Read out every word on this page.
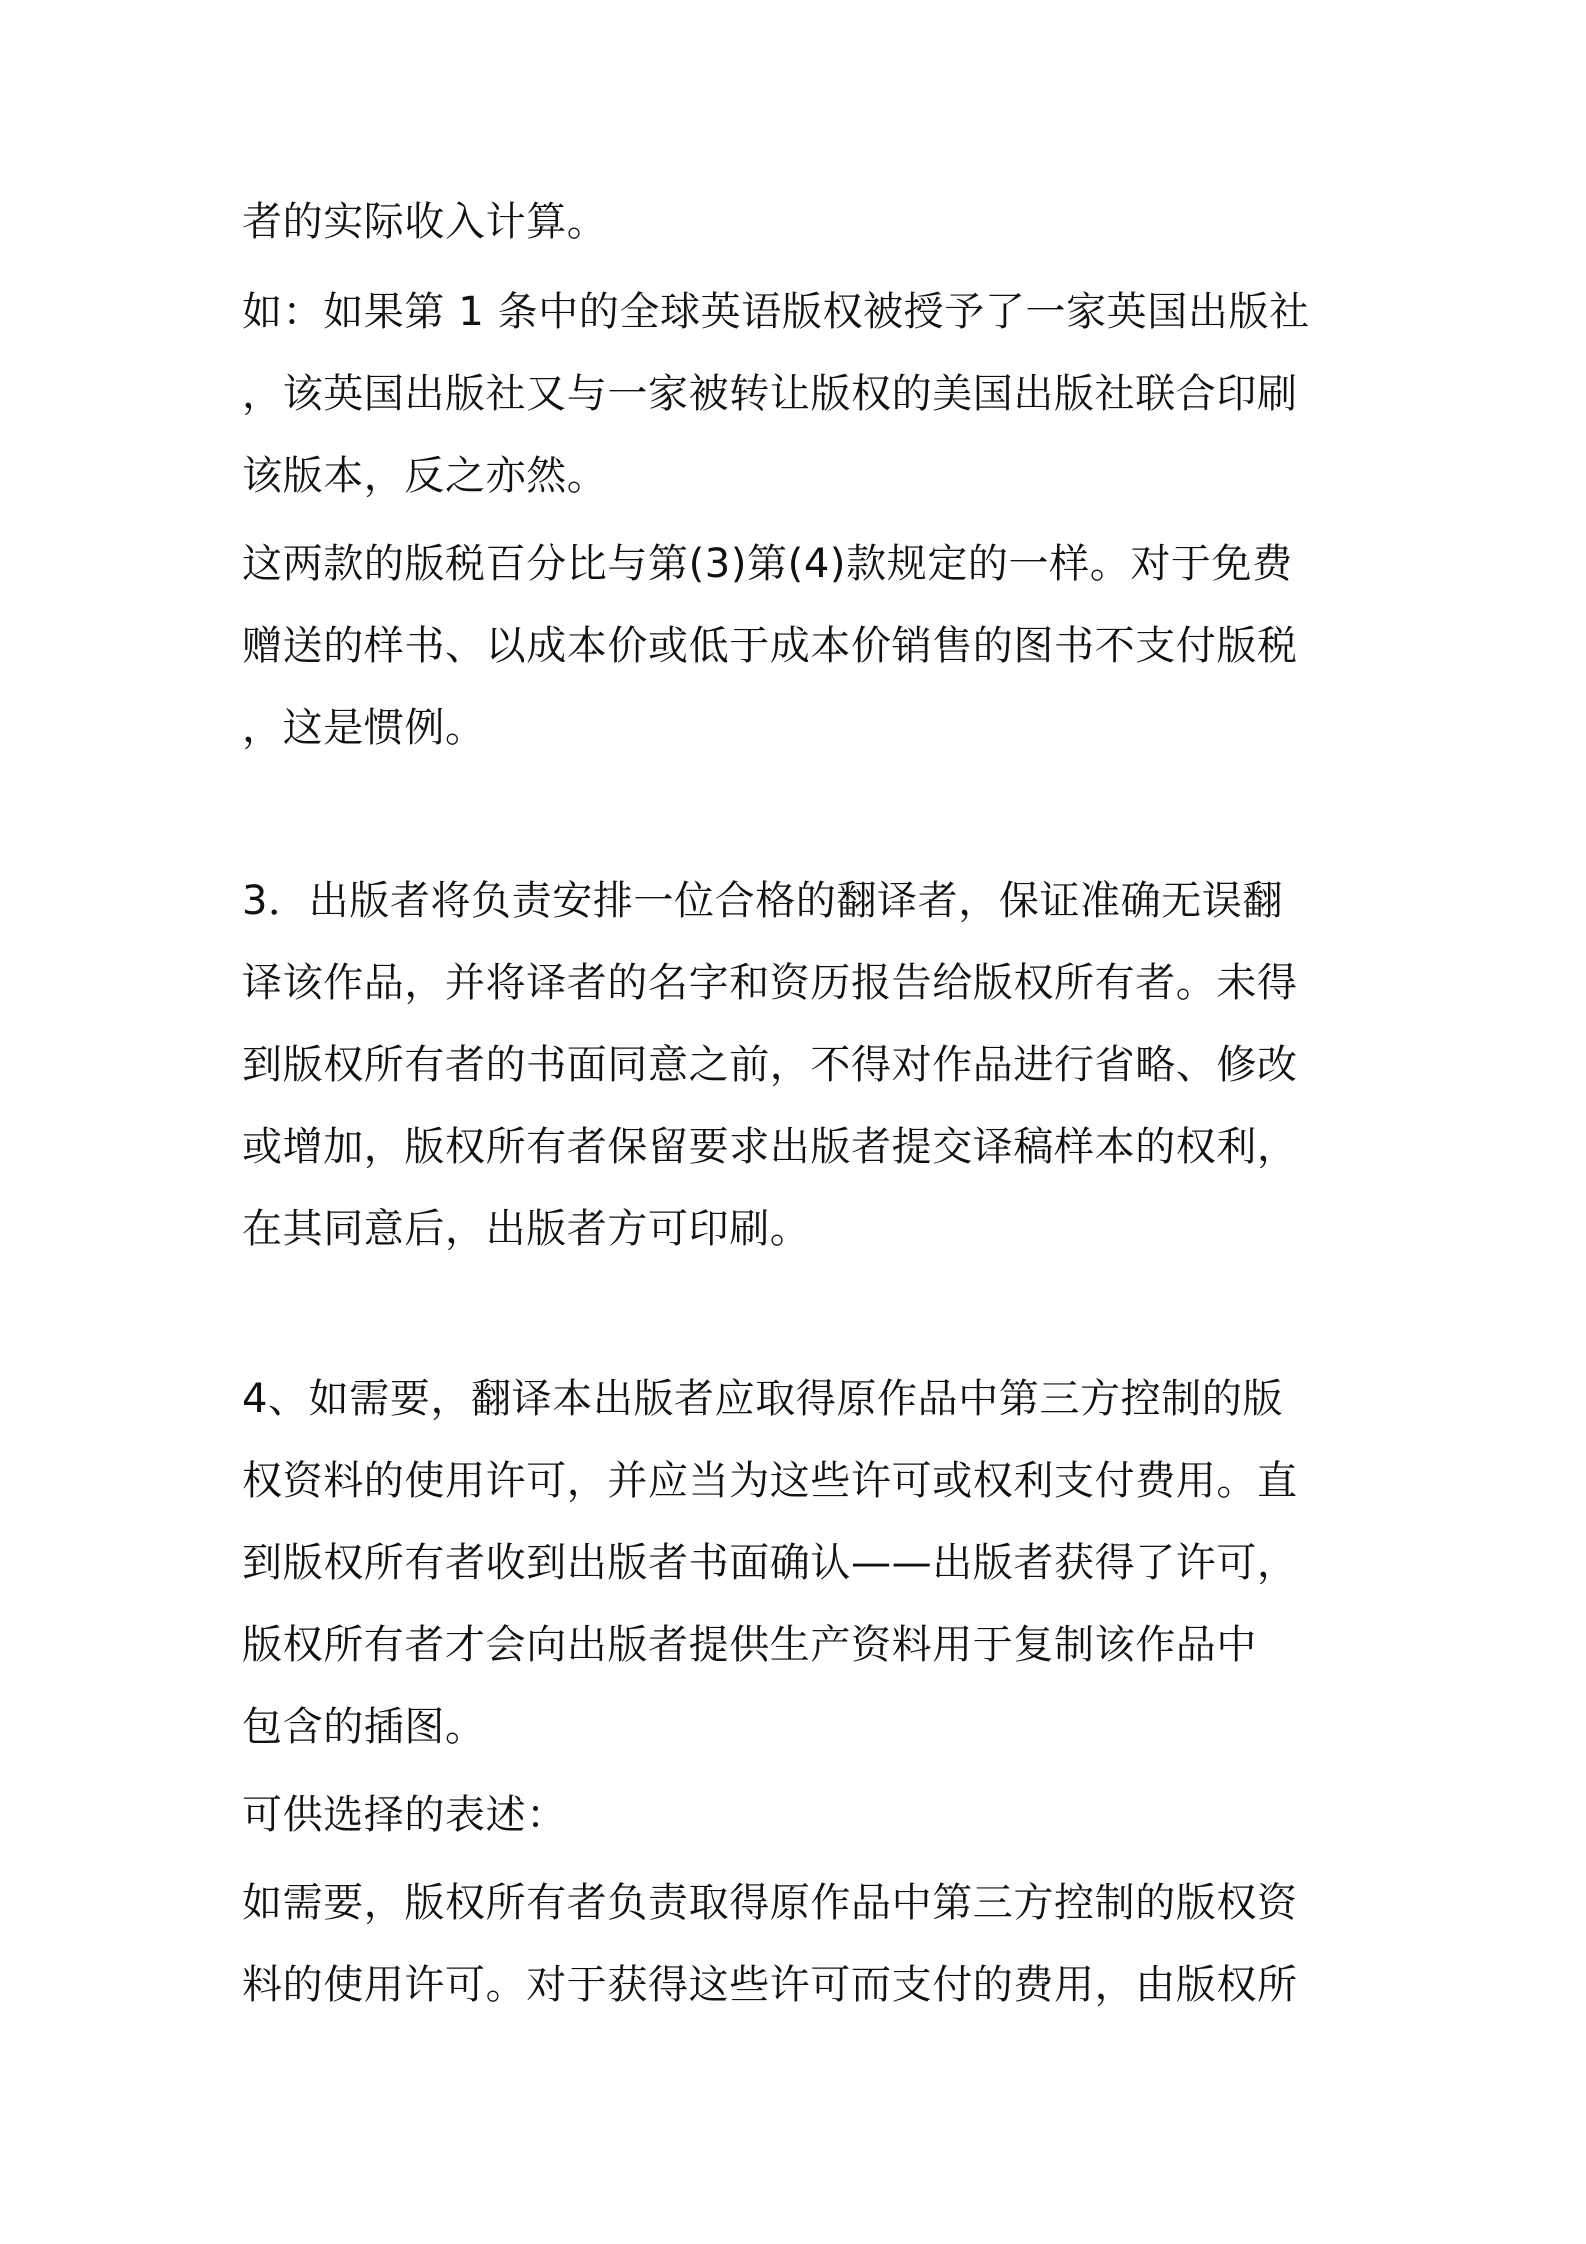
者的实际收入计算。

如：如果第 1 条中的全球英语版权被授予了一家英国出版社

，该英国出版社又与一家被转让版权的美国出版社联合印刷

该版本，反之亦然。

这两款的版税百分比与第(3)第(4)款规定的一样。对于免费

赠送的样书、以成本价或低于成本价销售的图书不支付版税

，这是惯例。

3．出版者将负责安排一位合格的翻译者，保证准确无误翻

译该作品，并将译者的名字和资历报告给版权所有者。未得

到版权所有者的书面同意之前，不得对作品进行省略、修改

或增加，版权所有者保留要求出版者提交译稿样本的权利，

在其同意后，出版者方可印刷。

4、如需要，翻译本出版者应取得原作品中第三方控制的版

权资料的使用许可，并应当为这些许可或权利支付费用。直

到版权所有者收到出版者书面确认——出版者获得了许可，

版权所有者才会向出版者提供生产资料用于复制该作品中

包含的插图。

可供选择的表述：

如需要，版权所有者负责取得原作品中第三方控制的版权资

料的使用许可。对于获得这些许可而支付的费用，由版权所
